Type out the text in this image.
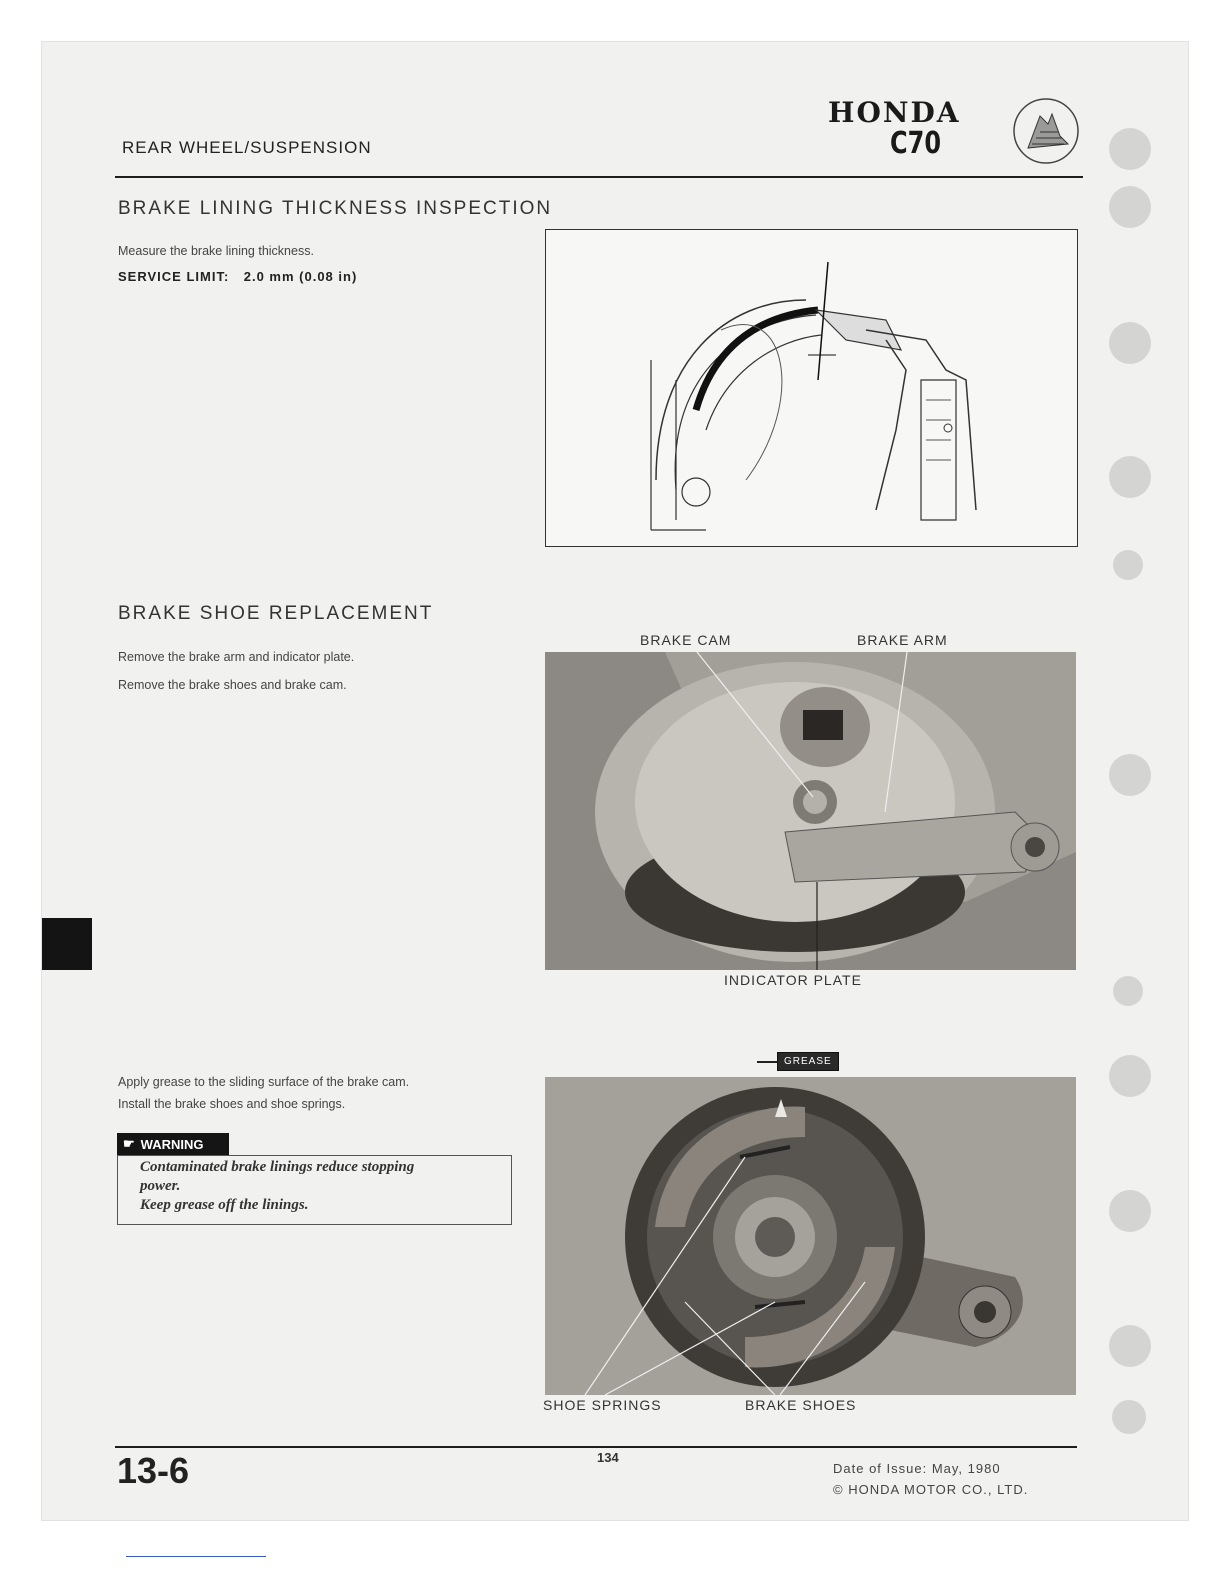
REAR WHEEL/SUSPENSION
HONDA
C70
BRAKE LINING THICKNESS INSPECTION
Measure the brake lining thickness.
SERVICE LIMIT: 2.0 mm (0.08 in)
BRAKE SHOE REPLACEMENT
Remove the brake arm and indicator plate.
Remove the brake shoes and brake cam.
BRAKE CAM	BRAKE ARM
INDICATOR PLATE
Apply grease to the sliding surface of the brake cam.
Install the brake shoes and shoe springs.
☛ WARNING
Contaminated brake linings reduce stopping
power.
Keep grease off the linings.
GREASE
SHOE SPRINGS	BRAKE SHOES
13-6	134
Date of Issue: May, 1980
© HONDA MOTOR CO., LTD.
